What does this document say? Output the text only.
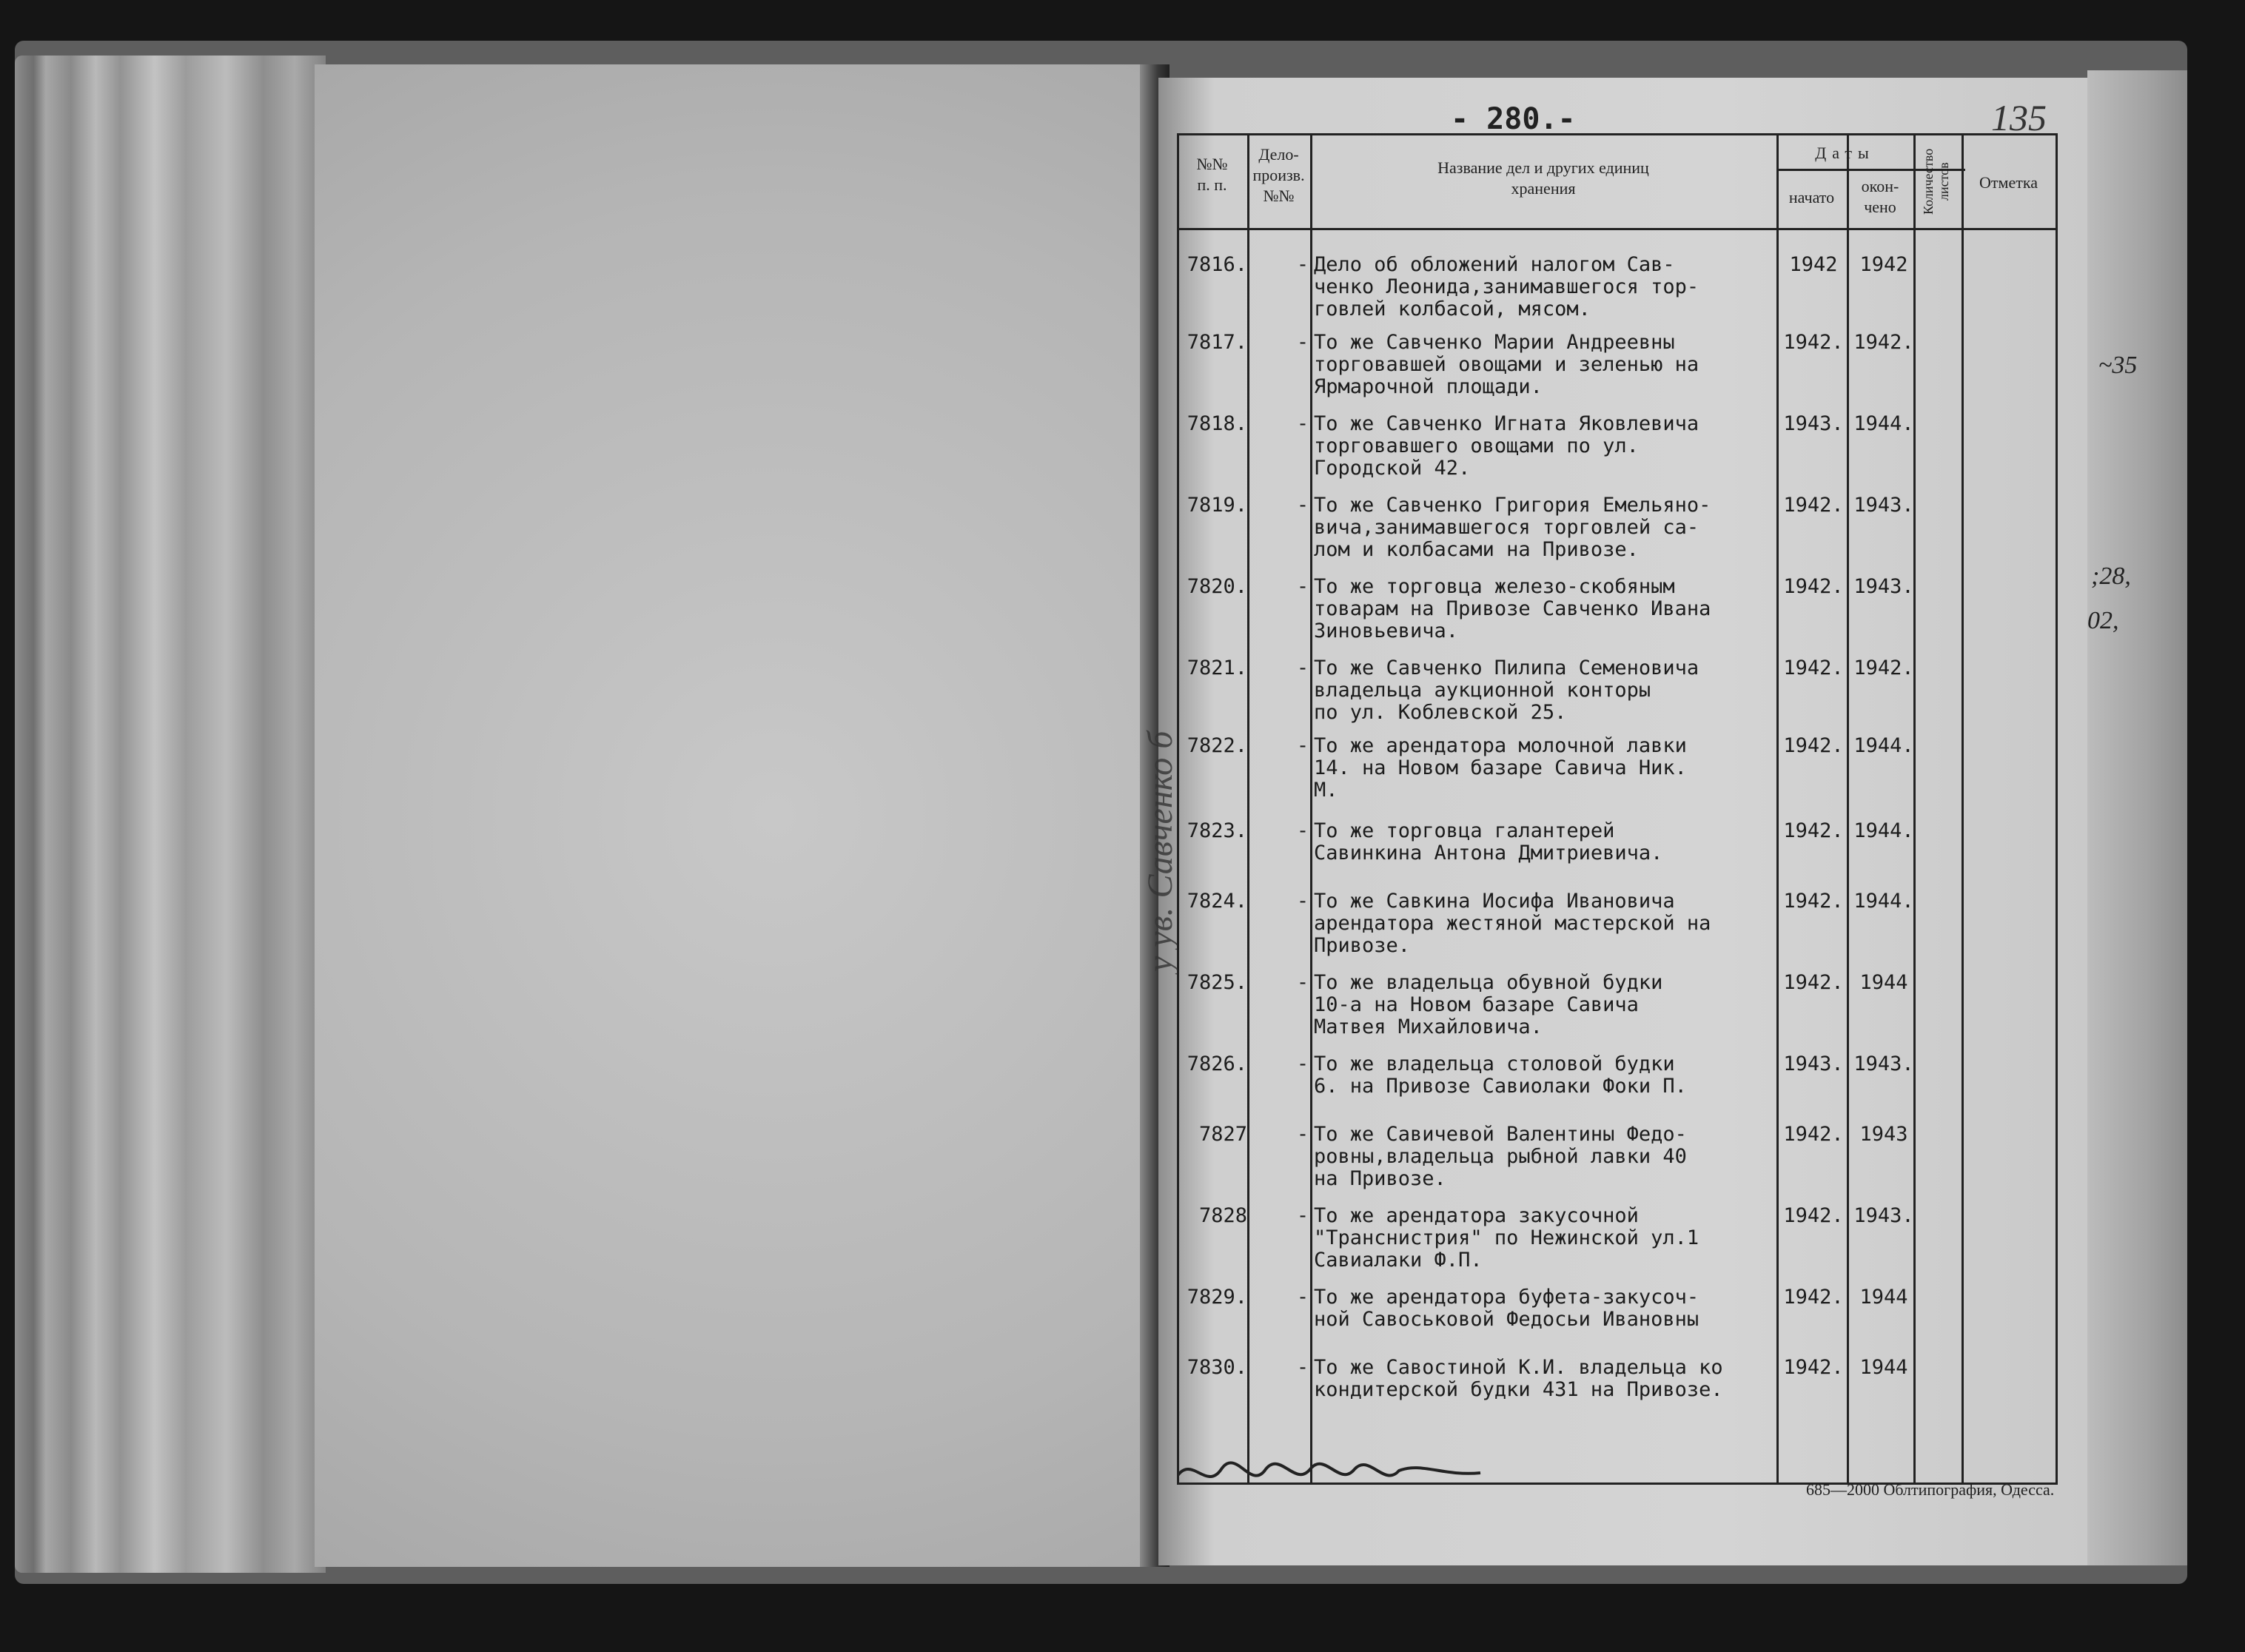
~35
;28,
02,
- 280.-	135
у ув. Савченко б
№№
п. п.
Дело-
произв.
№№
Название дел и других единиц
хранения
Даты
начато
окон-
чено	Количество листов	Отметка
7816.	- Дело об обложений налогом Сав-
ченко Леонида,занимавшегося тор-
говлей колбасой, мясом.
1942	1942
7817.	- То же Савченко Марии Андреевны
торговавшей овощами и зеленью на
Ярмарочной площади.
1942. 1942.
7818.	- То же Савченко Игната Яковлевича
торговавшего овощами по ул.
Городской 42.
1943. 1944.
7819.	- То же Савченко Григория Емельяно-
вича,занимавшегося торговлей са-
лом и колбасами на Привозе.
1942. 1943.
7820.	- То же торговца железо-скобяным
товарам на Привозе Савченко Ивана
Зиновьевича.
1942. 1943.
7821.	- То же Савченко Пилипа Семеновича
владельца аукционной конторы
по ул. Коблевской 25.
1942. 1942.
7822.	- То же арендатора молочной лавки
14. на Новом базаре Савича Ник.
М.
1942. 1944.
7823.	- То же торговца галантерей
Савинкина Антона Дмитриевича.
1942. 1944.
7824.	- То же Савкина Иосифа Ивановича
арендатора жестяной мастерской на
Привозе.
1942. 1944.
7825.	- То же владельца обувной будки
10-а на Новом базаре Савича
Матвея Михайловича.
1942. 1944
7826.	- То же владельца столовой будки
6. на Привозе Савиолаки Фоки П.
1943. 1943.
7827	- То же Савичевой Валентины Федо-
ровны,владельца рыбной лавки 40
на Привозе.
1942. 1943
7828	- То же арендатора закусочной
"Транснистрия" по Нежинской ул.1
Савиалаки Ф.П.
1942. 1943.
7829.	- То же арендатора буфета-закусоч-
ной Савоськовой Федосьи Ивановны
1942. 1944
7830.	- То же Савостиной К.И. владельца ко
кондитерской будки 431 на Привозе.
1942. 1944
685—2000 Облтипография, Одесса.
